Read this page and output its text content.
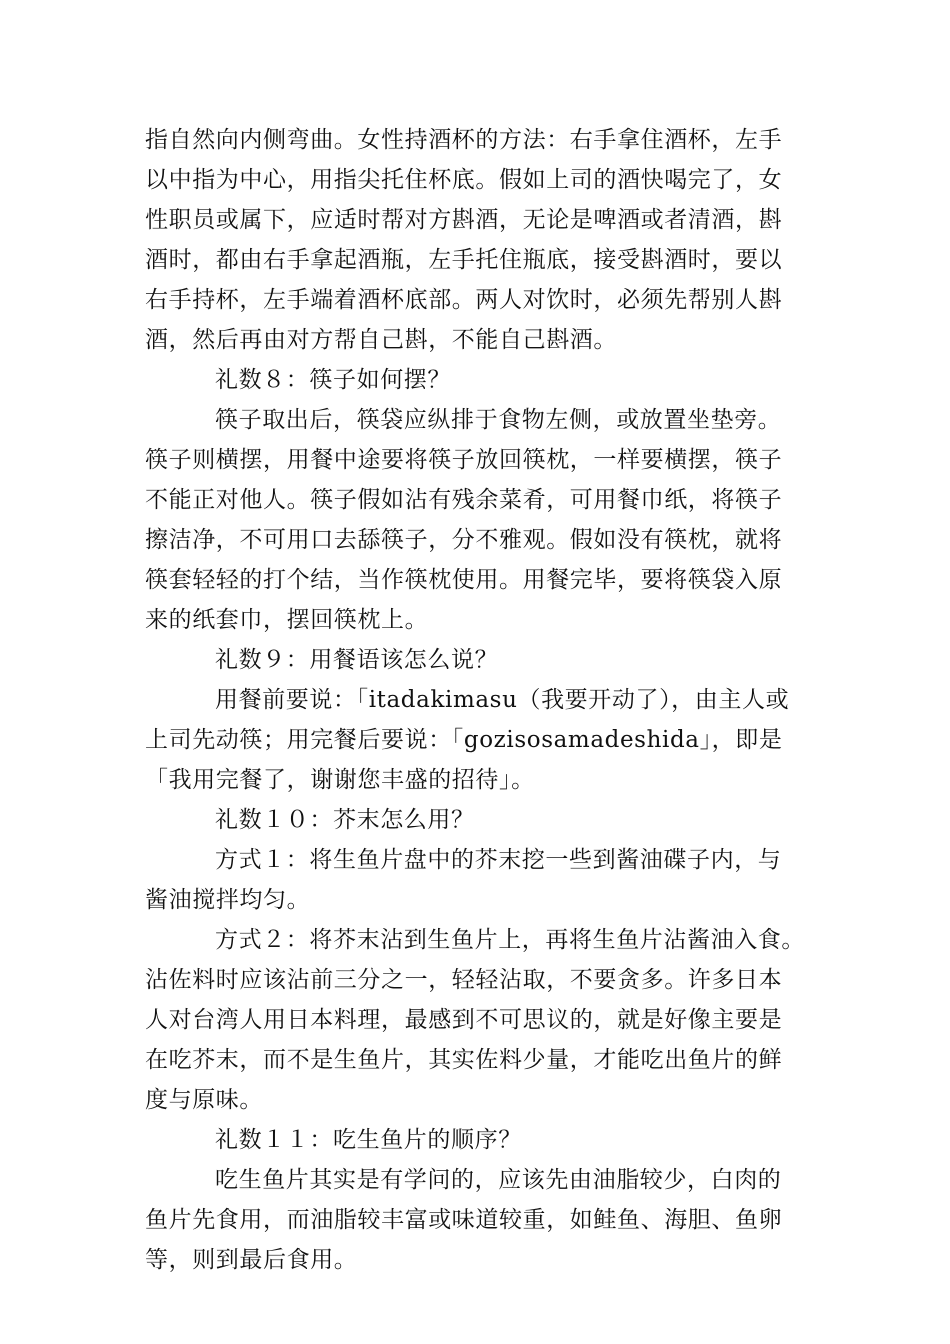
指自然向内侧弯曲。女性持酒杯的方法：右手拿住酒杯，左手
以中指为中心，用指尖托住杯底。假如上司的酒快喝完了，女
性职员或属下，应适时帮对方斟酒，无论是啤酒或者清酒，斟
酒时，都由右手拿起酒瓶，左手托住瓶底，接受斟酒时，要以
右手持杯，左手端着酒杯底部。两人对饮时，必须先帮别人斟
酒，然后再由对方帮自己斟，不能自己斟酒。
礼数８：筷子如何摆？
筷子取出后，筷袋应纵排于食物左侧，或放置坐垫旁。
筷子则横摆，用餐中途要将筷子放回筷枕，一样要横摆，筷子
不能正对他人。筷子假如沾有残余菜肴，可用餐巾纸，将筷子
擦洁净，不可用口去舔筷子，分不雅观。假如没有筷枕，就将
筷套轻轻的打个结，当作筷枕使用。用餐完毕，要将筷袋入原
来的纸套巾，摆回筷枕上。
礼数９：用餐语该怎么说？
用餐前要说：「itadakimasu（我要开动了），由主人或
上司先动筷；用完餐后要说：「gozisosamadeshida」，即是
「我用完餐了，谢谢您丰盛的招待」。
礼数１０：芥末怎么用？
方式１：将生鱼片盘中的芥末挖一些到酱油碟子内，与
酱油搅拌均匀。
方式２：将芥末沾到生鱼片上，再将生鱼片沾酱油入食。
沾佐料时应该沾前三分之一，轻轻沾取，不要贪多。许多日本
人对台湾人用日本料理，最感到不可思议的，就是好像主要是
在吃芥末，而不是生鱼片，其实佐料少量，才能吃出鱼片的鲜
度与原味。
礼数１１：吃生鱼片的顺序？
吃生鱼片其实是有学问的，应该先由油脂较少，白肉的
鱼片先食用，而油脂较丰富或味道较重，如鲑鱼、海胆、鱼卵
等，则到最后食用。
